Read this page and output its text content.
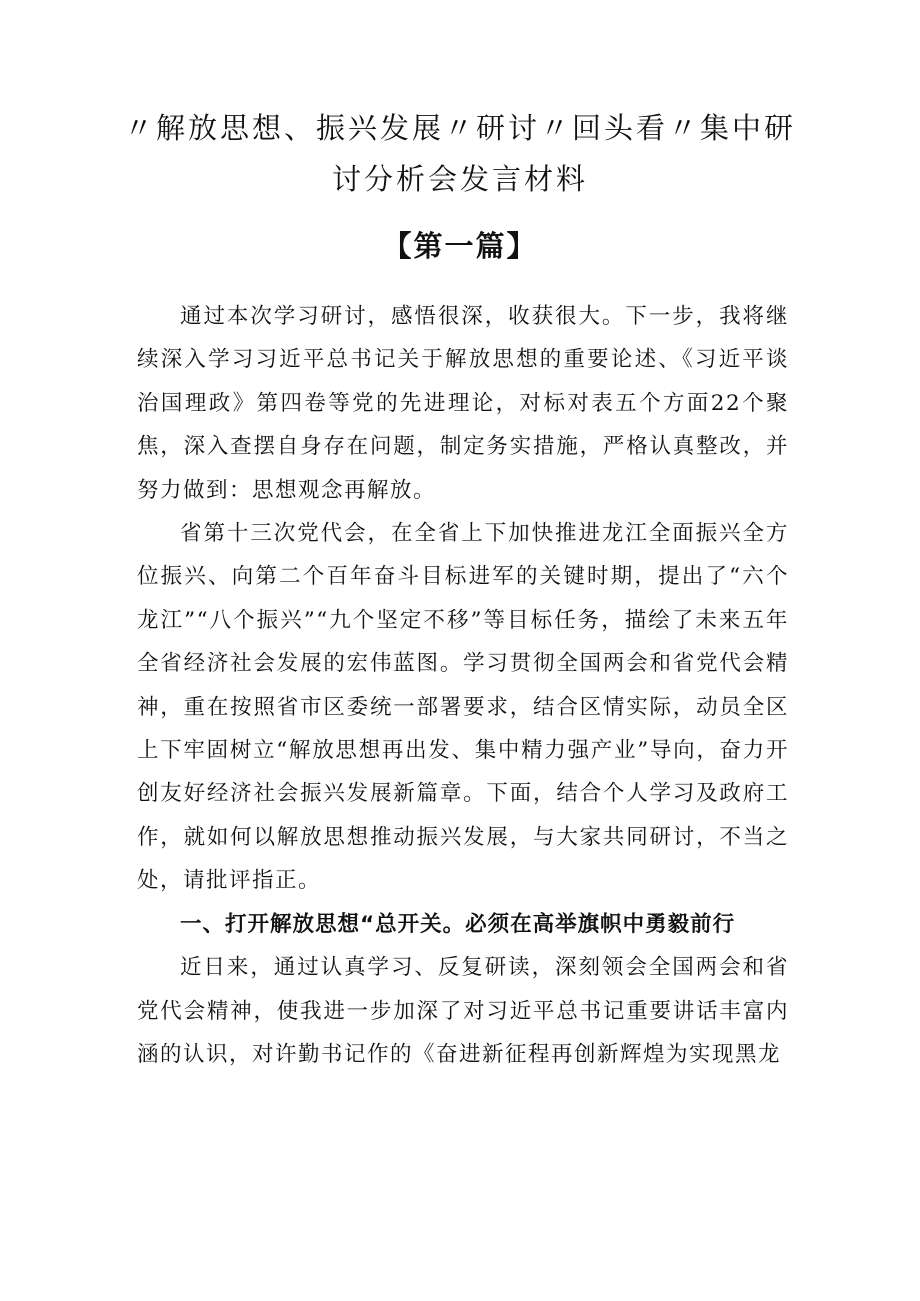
〃解放思想、振兴发展〃研讨〃回头看〃集中研讨分析会发言材料
【第一篇】

通过本次学习研讨，感悟很深，收获很大。下一步，我将继续深入学习习近平总书记关于解放思想的重要论述、《习近平谈治国理政》第四卷等党的先进理论，对标对表五个方面22个聚焦，深入查摆自身存在问题，制定务实措施，严格认真整改，并努力做到：思想观念再解放。

省第十三次党代会，在全省上下加快推进龙江全面振兴全方位振兴、向第二个百年奋斗目标进军的关键时期，提出了“六个龙江”“八个振兴”“九个坚定不移”等目标任务，描绘了未来五年全省经济社会发展的宏伟蓝图。学习贯彻全国两会和省党代会精神，重在按照省市区委统一部署要求，结合区情实际，动员全区上下牢固树立“解放思想再出发、集中精力强产业”导向，奋力开创友好经济社会振兴发展新篇章。下面，结合个人学习及政府工作，就如何以解放思想推动振兴发展，与大家共同研讨，不当之处，请批评指正。

一、打开解放思想“总开关。必须在高举旗帜中勇毅前行

近日来，通过认真学习、反复研读，深刻领会全国两会和省党代会精神，使我进一步加深了对习近平总书记重要讲话丰富内涵的认识，对许勤书记作的《奋进新征程再创新辉煌为实现黑龙
